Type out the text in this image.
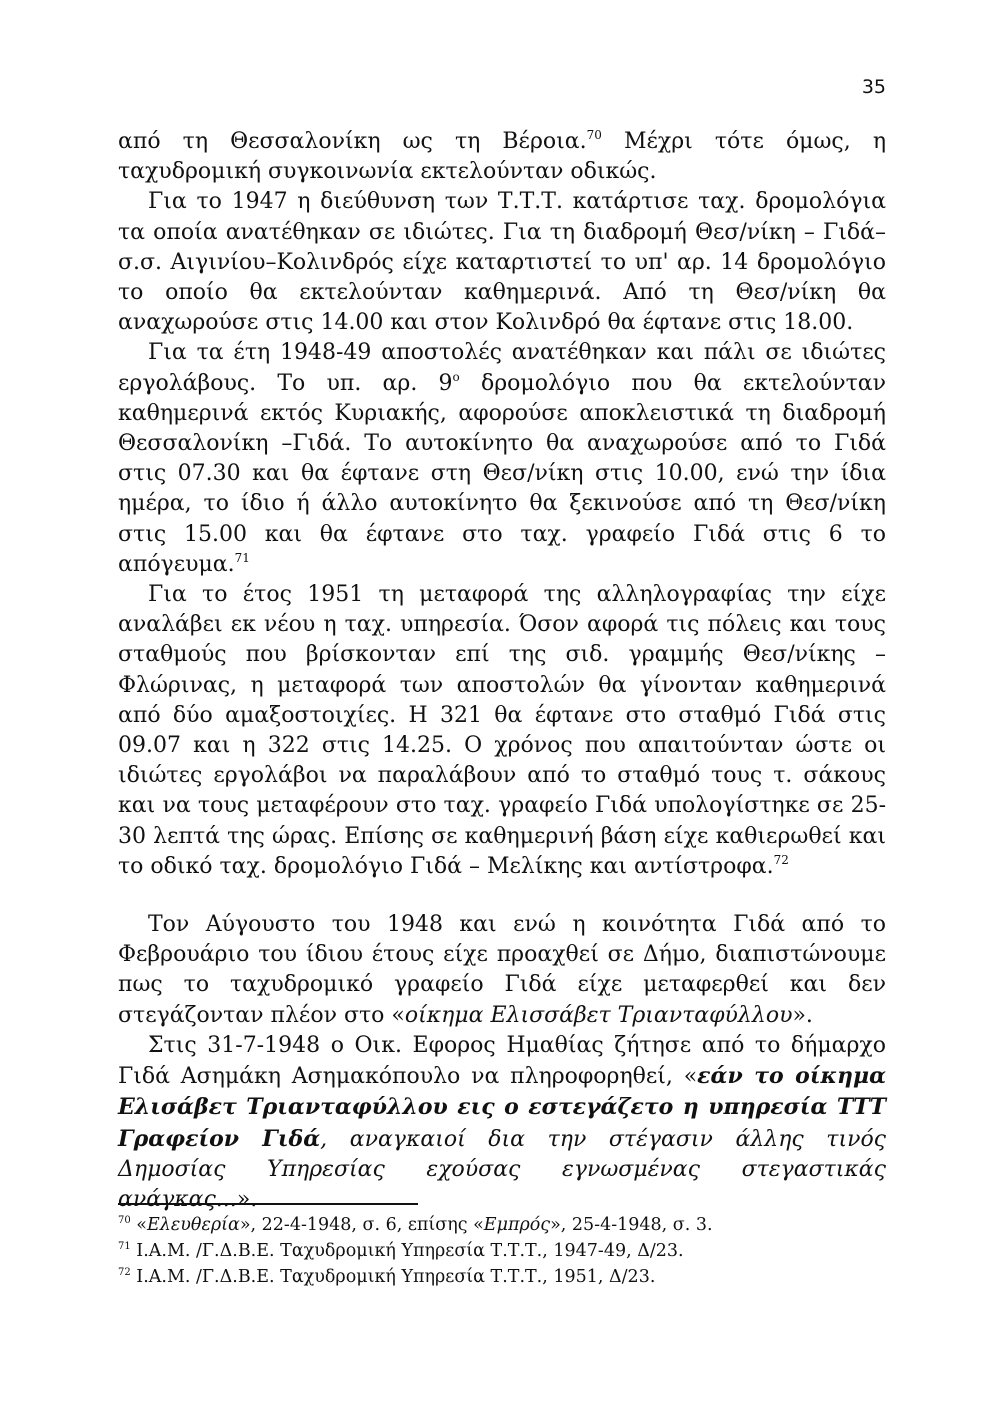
35

από τη Θεσσαλονίκη ως τη Βέροια.$^{70}$ Μέχρι τότε όμως, η ταχυδρομική συγκοινωνία εκτελούνταν οδικώς.

Για το 1947 η διεύθυνση των Τ.Τ.Τ. κατάρτισε ταχ. δρομολόγια τα οποία ανατέθηκαν σε ιδιώτες. Για τη διαδρομή Θεσ/νίκη – Γιδά–σ.σ. Αιγινίου–Κολινδρός είχε καταρτιστεί το υπ' αρ. 14 δρομολόγιο το οποίο θα εκτελούνταν καθημερινά. Από τη Θεσ/νίκη θα αναχωρούσε στις 14.00 και στον Κολινδρό θα έφτανε στις 18.00.

Για τα έτη 1948-49 αποστολές ανατέθηκαν και πάλι σε ιδιώτες εργολάβους. Το υπ. αρ. $9^o$ δρομολόγιο που θα εκτελούνταν καθημερινά εκτός Κυριακής, αφορούσε αποκλειστικά τη διαδρομή Θεσσαλονίκη –Γιδά. Το αυτοκίνητο θα αναχωρούσε από το Γιδά στις 07.30 και θα έφτανε στη Θεσ/νίκη στις 10.00, ενώ την ίδια ημέρα, το ίδιο ή άλλο αυτοκίνητο θα ξεκινούσε από τη Θεσ/νίκη στις 15.00 και θα έφτανε στο ταχ. γραφείο Γιδά στις 6 το απόγευμα.$^{71}$

Για το έτος 1951 τη μεταφορά της αλληλογραφίας την είχε αναλάβει εκ νέου η ταχ. υπηρεσία. Όσον αφορά τις πόλεις και τους σταθμούς που βρίσκονταν επί της σιδ. γραμμής Θεσ/νίκης – Φλώρινας, η μεταφορά των αποστολών θα γίνονταν καθημερινά από δύο αμαξοστοιχίες. Η 321 θα έφτανε στο σταθμό Γιδά στις 09.07 και η 322 στις 14.25. Ο χρόνος που απαιτούνταν ώστε οι ιδιώτες εργολάβοι να παραλάβουν από το σταθμό τους τ. σάκους και να τους μεταφέρουν στο ταχ. γραφείο Γιδά υπολογίστηκε σε 25-30 λεπτά της ώρας. Επίσης σε καθημερινή βάση είχε καθιερωθεί και το οδικό ταχ. δρομολόγιο Γιδά – Μελίκης και αντίστροφα.$^{72}$

Τον Αύγουστο του 1948 και ενώ η κοινότητα Γιδά από το Φεβρουάριο του ίδιου έτους είχε προαχθεί σε Δήμο, διαπιστώνουμε πως το ταχυδρομικό γραφείο Γιδά είχε μεταφερθεί και δεν στεγάζονταν πλέον στο «οίκημα Ελισσάβετ Τριανταφύλλου».

Στις 31-7-1948 ο Οικ. Εφορος Ημαθίας ζήτησε από το δήμαρχο Γιδά Ασημάκη Ασημακόπουλο να πληροφορηθεί, «εάν το οίκημα Ελισάβετ Τριανταφύλλου εις ο εστεγάζετο η υπηρεσία ΤΤΤ Γραφείον Γιδά, αναγκαιοί δια την στέγασιν άλλης τινός Δημοσίας Υπηρεσίας εχούσας εγνωσμένας στεγαστικάς ανάγκας...».

$^{70}$ «Ελευθερία», 22-4-1948, σ. 6, επίσης «Εμπρός», 25-4-1948, σ. 3.

$^{71}$ Ι.Α.Μ. /Γ.Δ.Β.Ε. Ταχυδρομική Υπηρεσία Τ.Τ.Τ., 1947-49, Δ/23.

$^{72}$ Ι.Α.Μ. /Γ.Δ.Β.Ε. Ταχυδρομική Υπηρεσία Τ.Τ.Τ., 1951, Δ/23.
